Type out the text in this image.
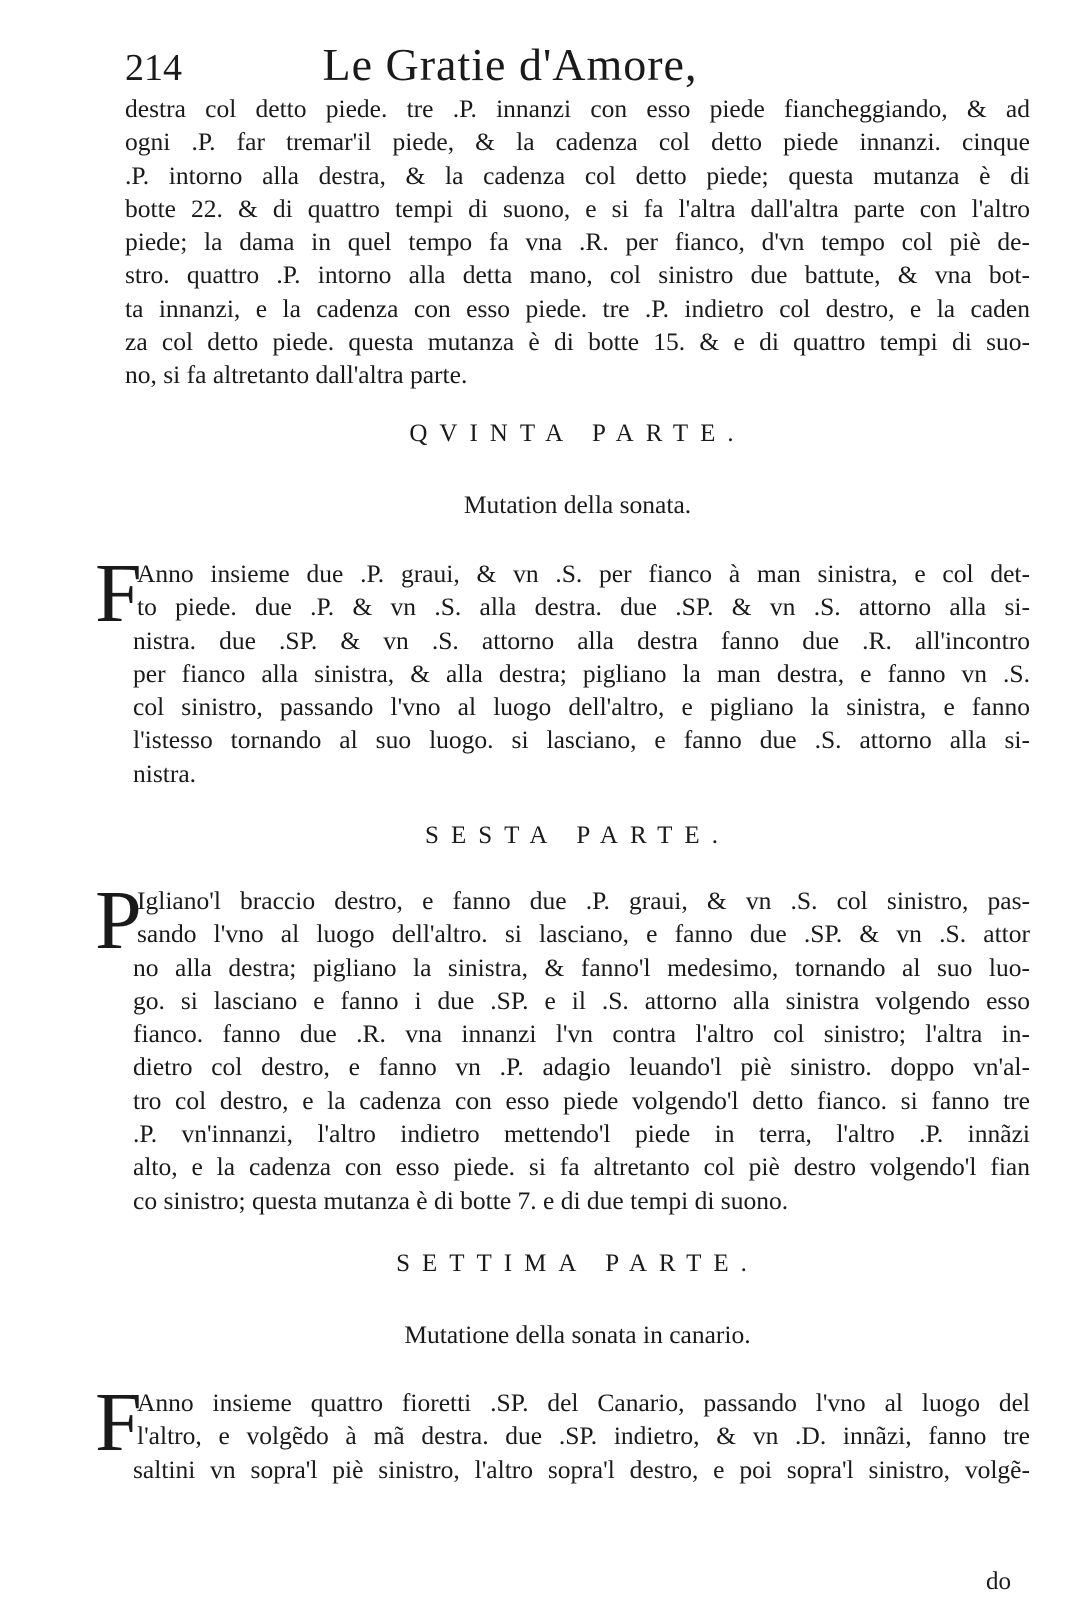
214	Le Gratie d'Amore,
destra col detto piede. tre .P. innanzi con esso piede fiancheggiando, & ad
ogni .P. far tremar'il piede, & la cadenza col detto piede innanzi. cinque
.P. intorno alla destra, & la cadenza col detto piede; questa mutanza è di
botte 22. & di quattro tempi di suono, e si fa l'altra dall'altra parte con l'altro
piede; la dama in quel tempo fa vna .R. per fianco, d'vn tempo col piè de-
stro. quattro .P. intorno alla detta mano, col sinistro due battute, & vna bot-
ta innanzi, e la cadenza con esso piede. tre .P. indietro col destro, e la caden
za col detto piede. questa mutanza è di botte 15. & e di quattro tempi di suo-
no, si fa altretanto dall'altra parte.
QVINTA PARTE.
Mutation della sonata.
F
Anno insieme due .P. graui, & vn .S. per fianco à man sinistra, e col det-
to piede. due .P. & vn .S. alla destra. due .SP. & vn .S. attorno alla si-
nistra. due .SP. & vn .S. attorno alla destra fanno due .R. all'incontro
per fianco alla sinistra, & alla destra; pigliano la man destra, e fanno vn .S.
col sinistro, passando l'vno al luogo dell'altro, e pigliano la sinistra, e fanno
l'istesso tornando al suo luogo. si lasciano, e fanno due .S. attorno alla si-
nistra.
SESTA PARTE.
P
Igliano'l braccio destro, e fanno due .P. graui, & vn .S. col sinistro, pas-
sando l'vno al luogo dell'altro. si lasciano, e fanno due .SP. & vn .S. attor
no alla destra; pigliano la sinistra, & fanno'l medesimo, tornando al suo luo-
go. si lasciano e fanno i due .SP. e il .S. attorno alla sinistra volgendo esso
fianco. fanno due .R. vna innanzi l'vn contra l'altro col sinistro; l'altra in-
dietro col destro, e fanno vn .P. adagio leuando'l piè sinistro. doppo vn'al-
tro col destro, e la cadenza con esso piede volgendo'l detto fianco. si fanno tre
.P. vn'innanzi, l'altro indietro mettendo'l piede in terra, l'altro .P. innãzi
alto, e la cadenza con esso piede. si fa altretanto col piè destro volgendo'l fian
co sinistro; questa mutanza è di botte 7. e di due tempi di suono.
SETTIMA PARTE.
Mutatione della sonata in canario.
F
Anno insieme quattro fioretti .SP. del Canario, passando l'vno al luogo del
l'altro, e volgẽdo à mã destra. due .SP. indietro, & vn .D. innãzi, fanno tre
saltini vn sopra'l piè sinistro, l'altro sopra'l destro, e poi sopra'l sinistro, volgẽ-
do
